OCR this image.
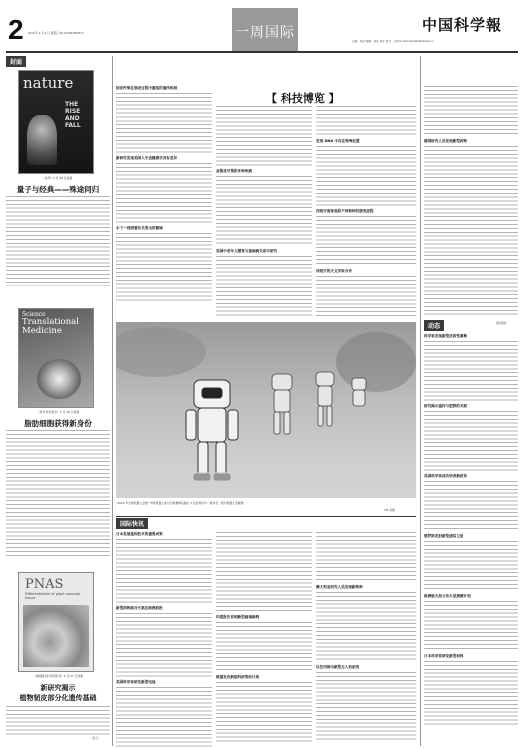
2 2014 年 6 月 6 日 星期五 Tel:(010)62580617	一周国际	中国科学報
主编：刘洪 编辑：徐佳 杨华 校对：王峰 E-mail:xiaobao@stimes.cn
封面
nature
THE
RISE
AND
FALL
《自然》5 月 29 日封面
量子与经典——殊途同归
Science
Translational
Medicine
《科学·转化医学》5 月 28 日封面
脂肪细胞获得新身份
PNAS
Differentiation of plant vascular tissue
《美国国家科学院院刊》5 月 27 日封面
新研究揭示
植物韧皮部分化遗传基础
（张章）
【 科技博览 】
韧皮纤维在衰老过程中重组的遗传机制
新研究发现美国人牙齿健康状况有差异
水下一同照看有关害虫的微调
金银花可预防多种疾病
英国中老年人膳食与基础病关系可研究
发现 DNA 中存在特殊位置
西班牙南部高原不同物种的演变进程
西班牙的天文学家合作
“2014 年全球机器人会展” 甲集机器人的对当地赛事巡演出 3 名优秀选手一展身手。图为机器人表演赛。
CFP 供图
国际快讯
日本发展基因技术的重要成果
新型药物联合方案在欧洲获批
美国科学家研发新型电池
印度报告首例新型病毒病例
欧盟发布新版科研资助计划
澳大利亚研究人员发现新物种
以色列推出新型无人机系统
德国研究人员发现新型药物
动态	国际要闻
科学家发现新型抗药性菌株
研究揭示遗传与肥胖的关联
英国科学家成功培育新疫苗
俄罗斯发射新型通信卫星
欧洲航天局公布火星探测计划
日本科学家研发新型材料
